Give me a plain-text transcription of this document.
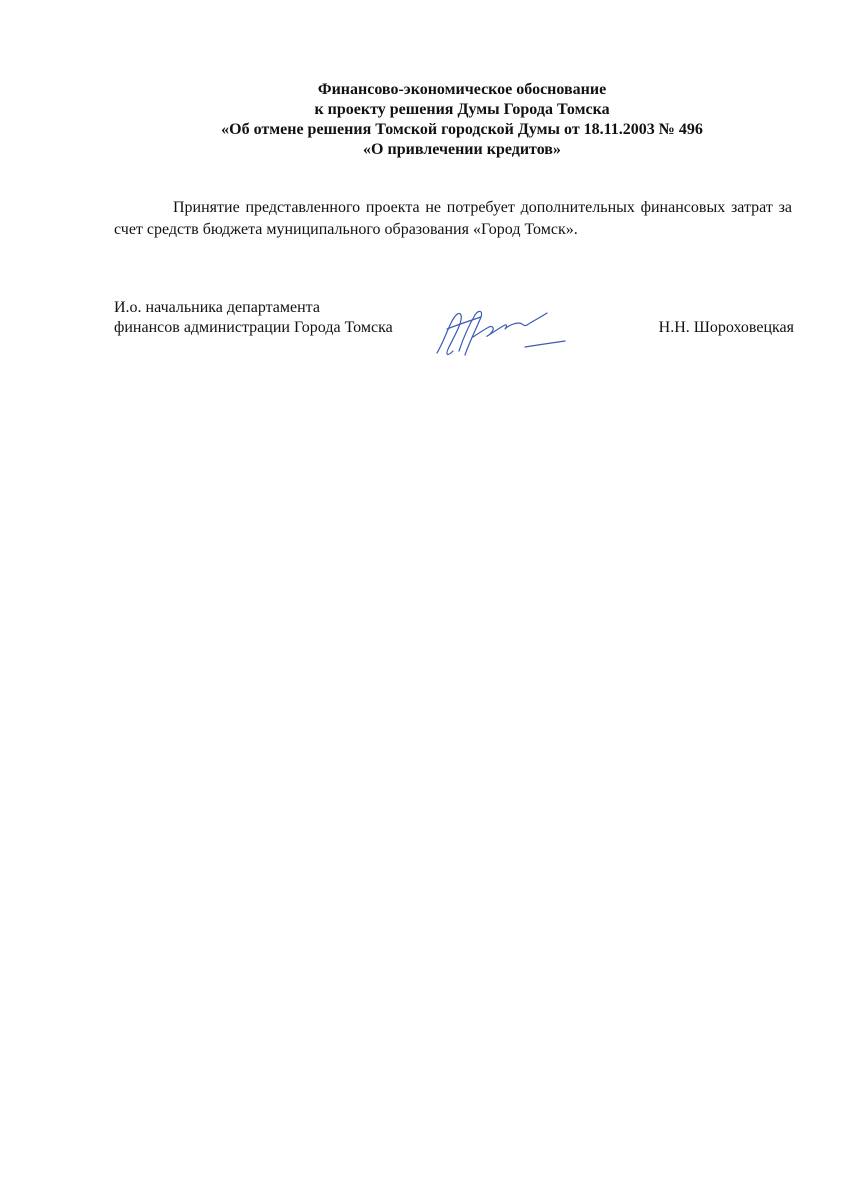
Финансово-экономическое обоснование
к проекту решения Думы Города Томска
«Об отмене решения Томской городской Думы от 18.11.2003 № 496
«О привлечении кредитов»

Принятие представленного проекта не потребует дополнительных финансовых затрат за счет средств бюджета муниципального образования «Город Томск».

И.о. начальника департамента
финансов администрации Города Томска	Н.Н. Шороховецкая
